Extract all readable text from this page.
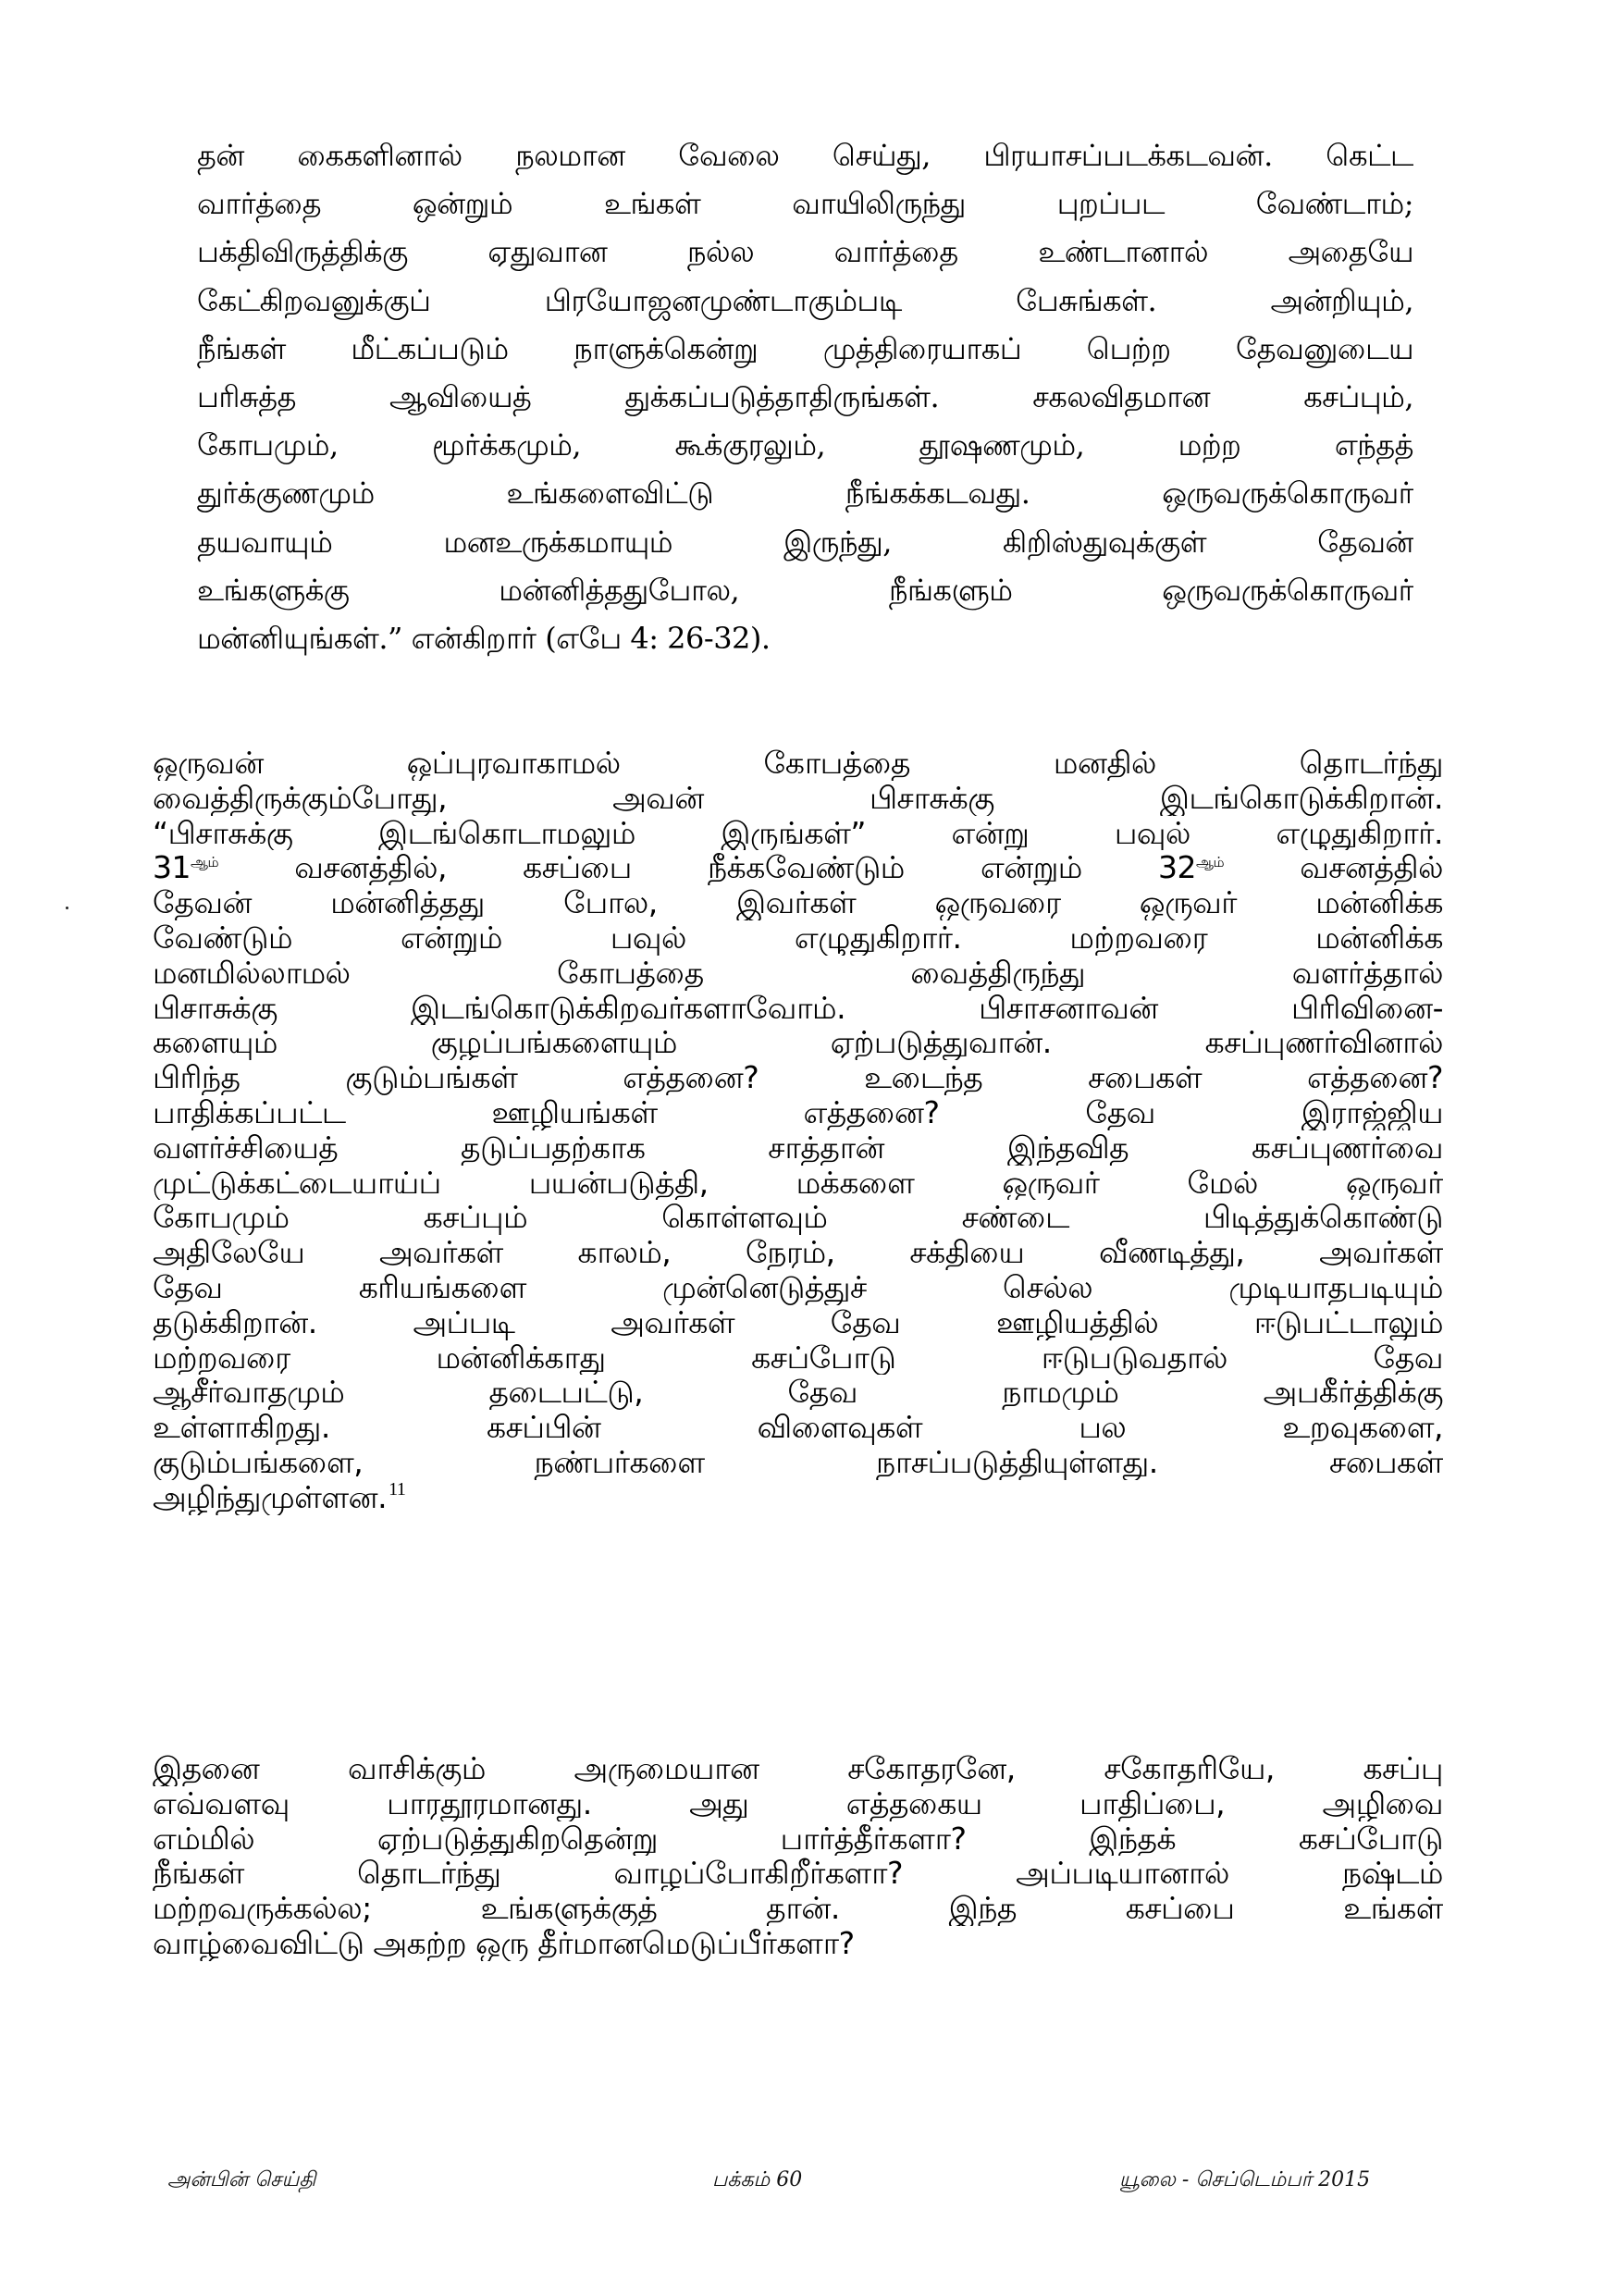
தன் கைகளினால் நலமான வேலை செய்து, பிரயாசப்படக்கடவன். கெட்ட
வார்த்தை ஒன்றும் உங்கள் வாயிலிருந்து புறப்பட வேண்டாம்;
பக்திவிருத்திக்கு ஏதுவான நல்ல வார்த்தை உண்டானால் அதையே
கேட்கிறவனுக்குப் பிரயோஜனமுண்டாகும்படி பேசுங்கள். அன்றியும்,
நீங்கள் மீட்கப்படும் நாளுக்கென்று முத்திரையாகப் பெற்ற தேவனுடைய
பரிசுத்த ஆவியைத் துக்கப்படுத்தாதிருங்கள். சகலவிதமான கசப்பும்,
கோபமும், மூர்க்கமும், கூக்குரலும், தூஷணமும், மற்ற எந்தத்
துர்க்குணமும் உங்களைவிட்டு நீங்கக்கடவது. ஒருவருக்கொருவர்
தயவாயும் மனஉருக்கமாயும் இருந்து, கிறிஸ்துவுக்குள் தேவன்
உங்களுக்கு மன்னித்ததுபோல, நீங்களும் ஒருவருக்கொருவர்
மன்னியுங்கள்.” என்கிறார் (எபே 4: 26-32).
ஒருவன் ஒப்புரவாகாமல் கோபத்தை மனதில் தொடர்ந்து
வைத்திருக்கும்போது, அவன் பிசாசுக்கு இடங்கொடுக்கிறான்.
“பிசாசுக்கு இடங்கொடாமலும் இருங்கள்” என்று பவுல் எழுதுகிறார்.
$31^{ஆம்}$ வசனத்தில், கசப்பை நீக்கவேண்டும் என்றும் $32^{ஆம்}$ வசனத்தில்
தேவன் மன்னித்தது போல, இவர்கள் ஒருவரை ஒருவர் மன்னிக்க
வேண்டும் என்றும் பவுல் எழுதுகிறார். மற்றவரை மன்னிக்க
மனமில்லாமல் கோபத்தை வைத்திருந்து வளர்த்தால்
பிசாசுக்கு இடங்கொடுக்கிறவர்களாவோம். பிசாசனாவன் பிரிவினை-
களையும் குழப்பங்களையும் ஏற்படுத்துவான். கசப்புணர்வினால்
பிரிந்த குடும்பங்கள் எத்தனை? உடைந்த சபைகள் எத்தனை?
பாதிக்கப்பட்ட ஊழியங்கள் எத்தனை? தேவ இராஜ்ஜிய
வளர்ச்சியைத் தடுப்பதற்காக சாத்தான் இந்தவித கசப்புணர்வை
முட்டுக்கட்டையாய்ப் பயன்படுத்தி, மக்களை ஒருவர் மேல் ஒருவர்
கோபமும் கசப்பும் கொள்ளவும் சண்டை பிடித்துக்கொண்டு
அதிலேயே அவர்கள் காலம், நேரம், சக்தியை வீணடித்து, அவர்கள்
தேவ கரியங்களை முன்னெடுத்துச் செல்ல முடியாதபடியும்
தடுக்கிறான். அப்படி அவர்கள் தேவ ஊழியத்தில் ஈடுபட்டாலும்
மற்றவரை மன்னிக்காது கசப்போடு ஈடுபடுவதால் தேவ
ஆசீர்வாதமும் தடைபட்டு, தேவ நாமமும் அபகீர்த்திக்கு
உள்ளாகிறது. கசப்பின் விளைவுகள் பல உறவுகளை,
குடும்பங்களை, நண்பர்களை நாசப்படுத்தியுள்ளது. சபைகள்
அழிந்துமுள்ளன. $^{11}$
இதனை வாசிக்கும் அருமையான சகோதரனே, சகோதரியே, கசப்பு
எவ்வளவு பாரதூரமானது. அது எத்தகைய பாதிப்பை, அழிவை
எம்மில் ஏற்படுத்துகிறதென்று பார்த்தீர்களா? இந்தக் கசப்போடு
நீங்கள் தொடர்ந்து வாழப்போகிறீர்களா? அப்படியானால் நஷ்டம்
மற்றவருக்கல்ல; உங்களுக்குத் தான். இந்த கசப்பை உங்கள்
வாழ்வைவிட்டு அகற்ற ஒரு தீர்மானமெடுப்பீர்களா?
அன்பின் செய்தி	பக்கம் 60	யூலை - செப்டெம்பர் 2015
